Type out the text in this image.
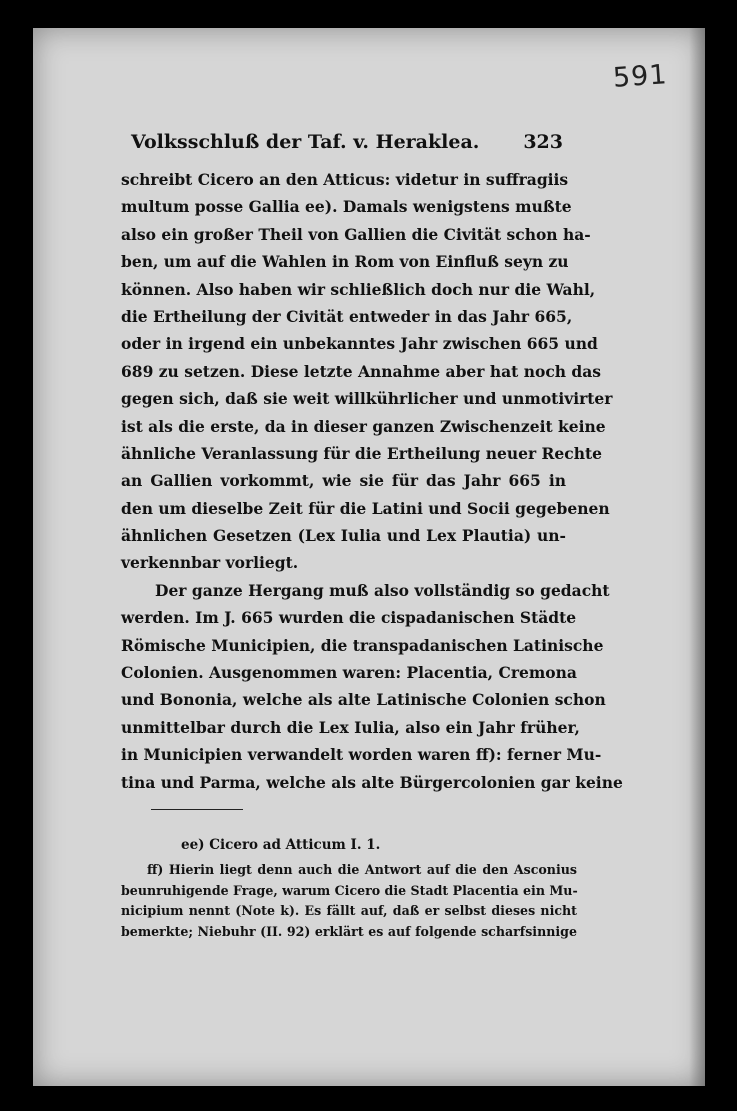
591
Volksschluß der Taf. v. Heraklea. 323
schreibt Cicero an den Atticus: videtur in suffragiis
multum posse Gallia ee). Damals wenigstens mußte
also ein großer Theil von Gallien die Civität schon ha-
ben, um auf die Wahlen in Rom von Einfluß seyn zu
können. Also haben wir schließlich doch nur die Wahl,
die Ertheilung der Civität entweder in das Jahr 665,
oder in irgend ein unbekanntes Jahr zwischen 665 und
689 zu setzen. Diese letzte Annahme aber hat noch das
gegen sich, daß sie weit willkührlicher und unmotivirter
ist als die erste, da in dieser ganzen Zwischenzeit keine
ähnliche Veranlassung für die Ertheilung neuer Rechte
an Gallien vorkommt, wie sie für das Jahr 665 in
den um dieselbe Zeit für die Latini und Socii gegebenen
ähnlichen Gesetzen (Lex Iulia und Lex Plautia) un-
verkennbar vorliegt.
Der ganze Hergang muß also vollständig so gedacht
werden. Im J. 665 wurden die cispadanischen Städte
Römische Municipien, die transpadanischen Latinische
Colonien. Ausgenommen waren: Placentia, Cremona
und Bononia, welche als alte Latinische Colonien schon
unmittelbar durch die Lex Iulia, also ein Jahr früher,
in Municipien verwandelt worden waren ff): ferner Mu-
tina und Parma, welche als alte Bürgercolonien gar keine
ee) Cicero ad Atticum I. 1.
ff) Hierin liegt denn auch die Antwort auf die den Asconius
beunruhigende Frage, warum Cicero die Stadt Placentia ein Mu-
nicipium nennt (Note k). Es fällt auf, daß er selbst dieses nicht
bemerkte; Niebuhr (II. 92) erklärt es auf folgende scharfsinnige
